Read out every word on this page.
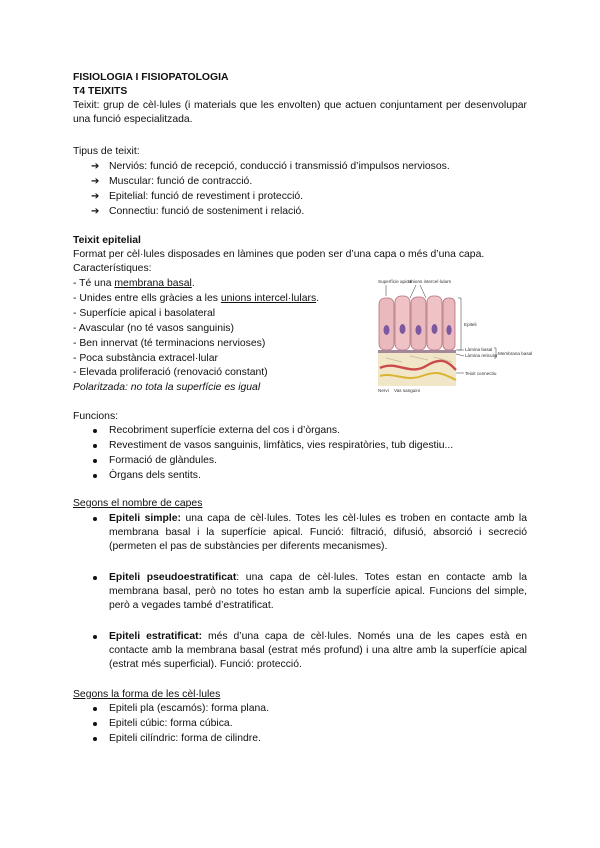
FISIOLOGIA I FISIOPATOLOGIA
T4 TEIXITS
Teixit: grup de cèl·lules (i materials que les envolten) que actuen conjuntament per desenvolupar una funció especialitzada.
Tipus de teixit:
➔ Nerviós: funció de recepció, conducció i transmissió d’impulsos nerviosos.
➔ Muscular: funció de contracció.
➔ Epitelial: funció de revestiment i protecció.
➔ Connectiu: funció de sosteniment i relació.
Teixit epitelial
Format per cèl·lules disposades en làmines que poden ser d’una capa o més d’una capa.
Característiques:
- Té una membrana basal.
- Unides entre ells gràcies a les unions intercel·lulars.
- Superfície apical i basolateral
- Avascular (no té vasos sanguinis)
- Ben innervat (té terminacions nervioses)
- Poca substància extracel·lular
- Elevada proliferació (renovació constant)
Polaritzada: no tota la superfície es igual
Superfície apical
Unions intercel·lulars
Epiteli
Làmina basal
Làmina reticular Membrana basal
Teixit connectiu
Nervi Vas sanguini
Funcions:
Recobriment superfície externa del cos i d’òrgans.
Revestiment de vasos sanguinis, limfàtics, vies respiratòries, tub digestiu...
Formació de glàndules.
Òrgans dels sentits.
Segons el nombre de capes
Epiteli simple: una capa de cèl·lules. Totes les cèl·lules es troben en contacte amb la membrana basal i la superfície apical. Funció: filtració, difusió, absorció i secreció (permeten el pas de substàncies per diferents mecanismes).
Epiteli pseudoestratificat: una capa de cèl·lules. Totes estan en contacte amb la membrana basal, però no totes ho estan amb la superfície apical. Funcions del simple, però a vegades també d’estratificat.
Epiteli estratificat: més d’una capa de cèl·lules. Només una de les capes està en contacte amb la membrana basal (estrat més profund) i una altre amb la superfície apical (estrat més superficial). Funció: protecció.
Segons la forma de les cèl·lules
Epiteli pla (escamós): forma plana.
Epiteli cúbic: forma cúbica.
Epiteli cilíndric: forma de cilindre.
